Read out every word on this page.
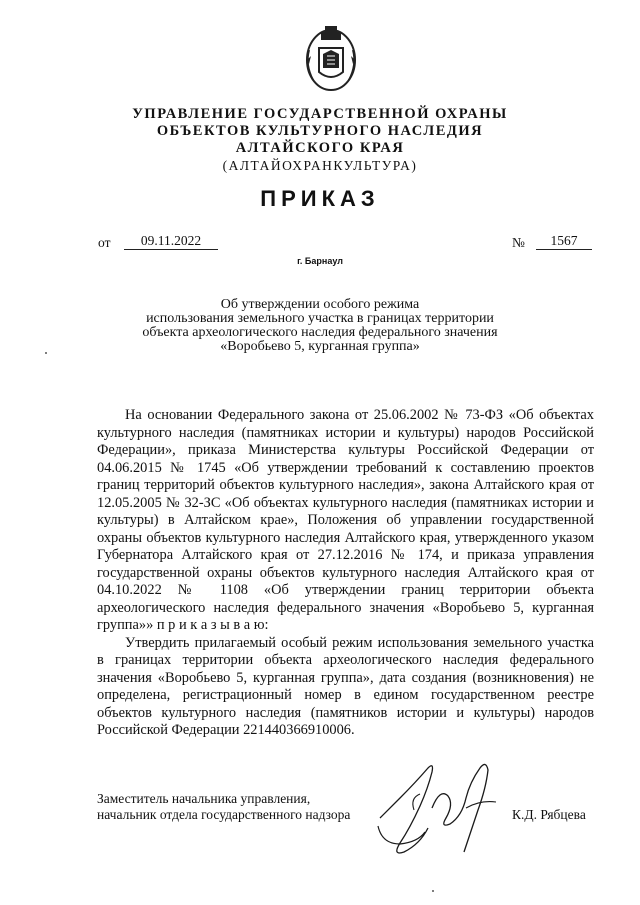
УПРАВЛЕНИЕ ГОСУДАРСТВЕННОЙ ОХРАНЫ
ОБЪЕКТОВ КУЛЬТУРНОГО НАСЛЕДИЯ
АЛТАЙСКОГО КРАЯ
(АЛТАЙОХРАНКУЛЬТУРА)
ПРИКАЗ
от	09.11.2022	№	1567
г. Барнаул
Об утверждении особого режима
использования земельного участка в границах территории
объекта археологического наследия федерального значения
«Воробьево 5, курганная группа»

На основании Федерального закона от 25.06.2002 № 73-ФЗ «Об объектах культурного наследия (памятниках истории и культуры) народов Российской Федерации», приказа Министерства культуры Российской Федерации от 04.06.2015 № 1745 «Об утверждении требований к составлению проектов границ территорий объектов культурного наследия», закона Алтайского края от 12.05.2005 № 32-ЗС «Об объектах культурного наследия (памятниках истории и культуры) в Алтайском крае», Положения об управлении государственной охраны объектов культурного наследия Алтайского края, утвержденного указом Губернатора Алтайского края от 27.12.2016 № 174, и приказа управления государственной охраны объектов культурного наследия Алтайского края от 04.10.2022 № 1108 «Об утверждении границ территории объекта археологического наследия федерального значения «Воробьево 5, курганная группа»» п р и к а з ы в а ю:

Утвердить прилагаемый особый режим использования земельного участка в границах территории объекта археологического наследия федерального значения «Воробьево 5, курганная группа», дата создания (возникновения) не определена, регистрационный номер в едином государственном реестре объектов культурного наследия (памятников истории и культуры) народов Российской Федерации 221440366910006.

Заместитель начальника управления,
начальник отдела государственного надзора	К.Д. Рябцева
